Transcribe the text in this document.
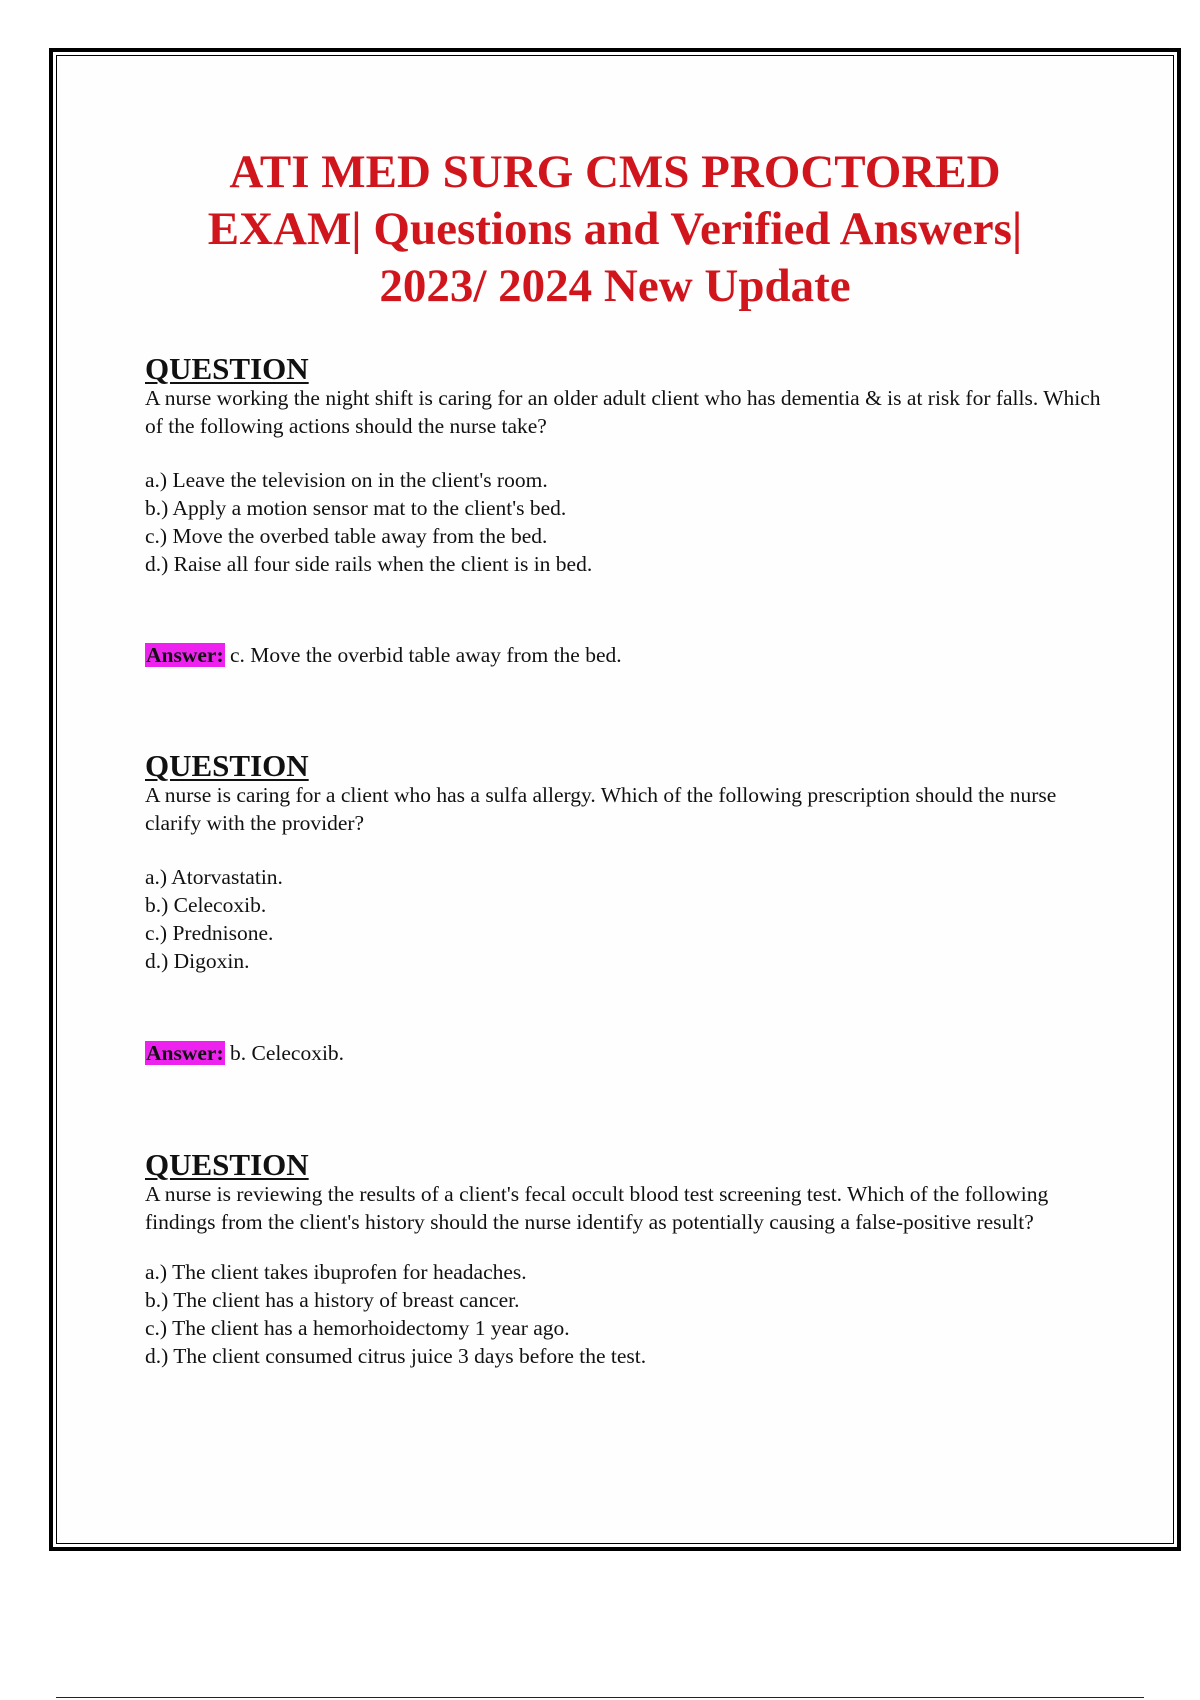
ATI MED SURG CMS PROCTORED
EXAM| Questions and Verified Answers|
2023/ 2024 New Update
QUESTION

A nurse working the night shift is caring for an older adult client who has dementia & is at risk for falls. Which of the following actions should the nurse take?

a.) Leave the television on in the client's room.
b.) Apply a motion sensor mat to the client's bed.
c.) Move the overbed table away from the bed.
d.) Raise all four side rails when the client is in bed.
Answer: c. Move the overbid table away from the bed.
QUESTION

A nurse is caring for a client who has a sulfa allergy. Which of the following prescription should the nurse clarify with the provider?

a.) Atorvastatin.
b.) Celecoxib.
c.) Prednisone.
d.) Digoxin.
Answer: b. Celecoxib.
QUESTION

A nurse is reviewing the results of a client's fecal occult blood test screening test. Which of the following findings from the client's history should the nurse identify as potentially causing a false-positive result?

a.) The client takes ibuprofen for headaches.
b.) The client has a history of breast cancer.
c.) The client has a hemorhoidectomy 1 year ago.
d.) The client consumed citrus juice 3 days before the test.
